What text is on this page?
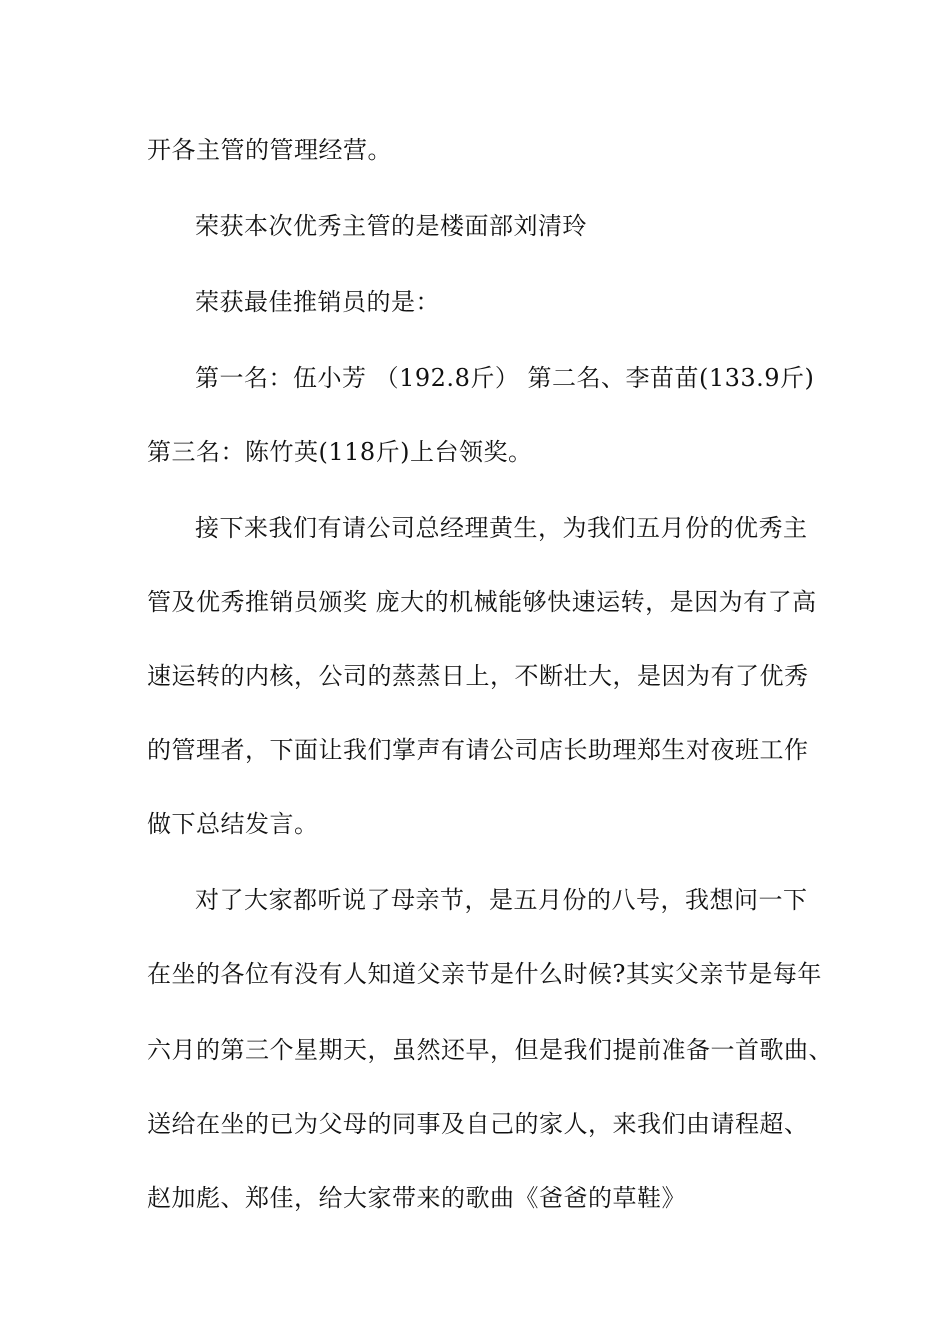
开各主管的管理经营。
荣获本次优秀主管的是楼面部刘清玲
荣获最佳推销员的是：
第一名：伍小芳 （192.8斤） 第二名、李苗苗(133.9斤)
第三名：陈竹英(118斤)上台领奖。
接下来我们有请公司总经理黄生，为我们五月份的优秀主
管及优秀推销员颁奖 庞大的机械能够快速运转，是因为有了高
速运转的内核，公司的蒸蒸日上，不断壮大，是因为有了优秀
的管理者，下面让我们掌声有请公司店长助理郑生对夜班工作
做下总结发言。
对了大家都听说了母亲节，是五月份的八号，我想问一下
在坐的各位有没有人知道父亲节是什么时候?其实父亲节是每年
六月的第三个星期天，虽然还早，但是我们提前准备一首歌曲、
送给在坐的已为父母的同事及自己的家人，来我们由请程超、
赵加彪、郑佳，给大家带来的歌曲《爸爸的草鞋》
